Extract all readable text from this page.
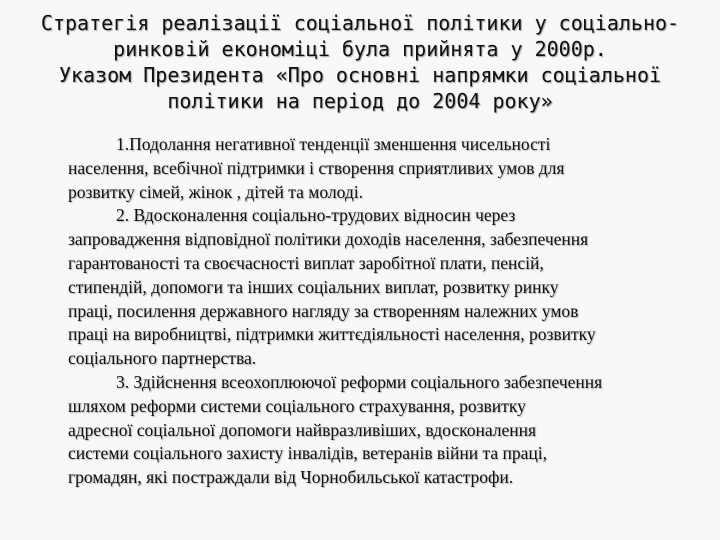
Стратегія реалізації соціальної політики у соціально-
ринковій економіці була прийнята у 2000р.
Указом Президента «Про основні напрямки соціальної
політики на період до 2004 року»
1.Подолання негативної тенденції зменшення чисельності
населення, всебічної підтримки і створення сприятливих умов для
розвитку сімей, жінок , дітей та молоді.
2. Вдосконалення соціально-трудових відносин через
запровадження відповідної політики доходів населення, забезпечення
гарантованості та своєчасності виплат заробітної плати, пенсій,
стипендій, допомоги та інших соціальних виплат, розвитку ринку
праці, посилення державного нагляду за створенням належних умов
праці на виробництві, підтримки життєдіяльності населення, розвитку
соціального партнерства.
3. Здійснення всеохоплюючої реформи соціального забезпечення
шляхом реформи системи соціального страхування, розвитку
адресної соціальної допомоги найвразливіших, вдосконалення
системи соціального захисту інвалідів, ветеранів війни та праці,
громадян, які постраждали від Чорнобильської катастрофи.
